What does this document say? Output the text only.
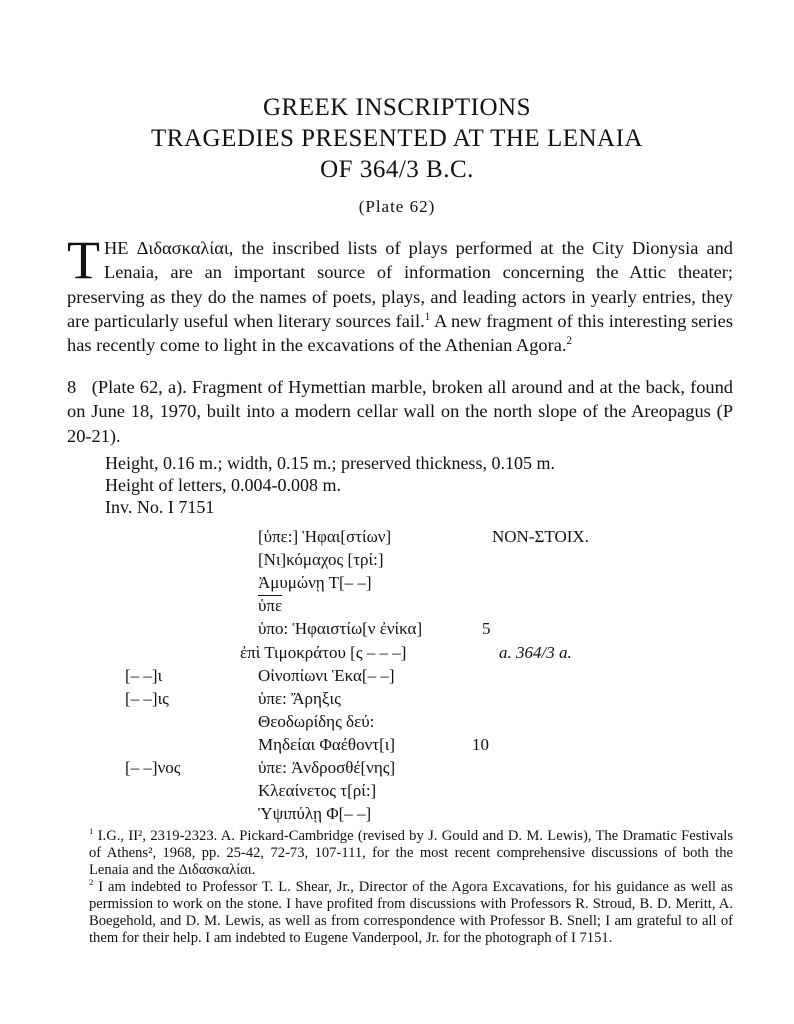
GREEK INSCRIPTIONS
TRAGEDIES PRESENTED AT THE LENAIA
OF 364/3 B.C.
(Plate 62)
THE Διδασκαλίαι, the inscribed lists of plays performed at the City Dionysia and Lenaia, are an important source of information concerning the Attic theater; preserving as they do the names of poets, plays, and leading actors in yearly entries, they are particularly useful when literary sources fail.$^1$ A new fragment of this interesting series has recently come to light in the excavations of the Athenian Agora.$^2$
8 (Plate 62, a). Fragment of Hymettian marble, broken all around and at the back, found on June 18, 1970, built into a modern cellar wall on the north slope of the Areopagus (P 20-21).
Height, 0.16 m.; width, 0.15 m.; preserved thickness, 0.105 m.
Height of letters, 0.004-0.008 m.
Inv. No. I 7151
[ὑπε:] Ἡφαι[στίων]
[Νι]κόμαχος [τρί:]
Ἀμυμώνῃ Τ[– –]
$\overline{ὑ\pi\varepsilon}$
ὑπο: Ἡφαιστίω[ν ἐνίκα]
ἐπὶ Τιμοκράτου [ς – – –]
Οἰνοπίωνι Ἑκα[– –]
ὑπε: Ἄρηξις
Θεοδωρίδης δεύ:
Μηδείαι Φαέθοντ[ι]
ὑπε: Ἀνδροσθέ[νης]
Κλεαίνετος τ[ρί:]
Ὑψιπύλῃ Φ[– –]
[– –]ι
[– –]ις
[– –]νος
NON-ΣΤΟΙΧ.
5
a. 364/3 a.
10
$^1$ I.G., II², 2319-2323. A. Pickard-Cambridge (revised by J. Gould and D. M. Lewis), The Dramatic Festivals of Athens², 1968, pp. 25-42, 72-73, 107-111, for the most recent comprehensive discussions of both the Lenaia and the Διδασκαλίαι.
$^2$ I am indebted to Professor T. L. Shear, Jr., Director of the Agora Excavations, for his guidance as well as permission to work on the stone. I have profited from discussions with Professors R. Stroud, B. D. Meritt, A. Boegehold, and D. M. Lewis, as well as from correspondence with Professor B. Snell; I am grateful to all of them for their help. I am indebted to Eugene Vanderpool, Jr. for the photograph of I 7151.
